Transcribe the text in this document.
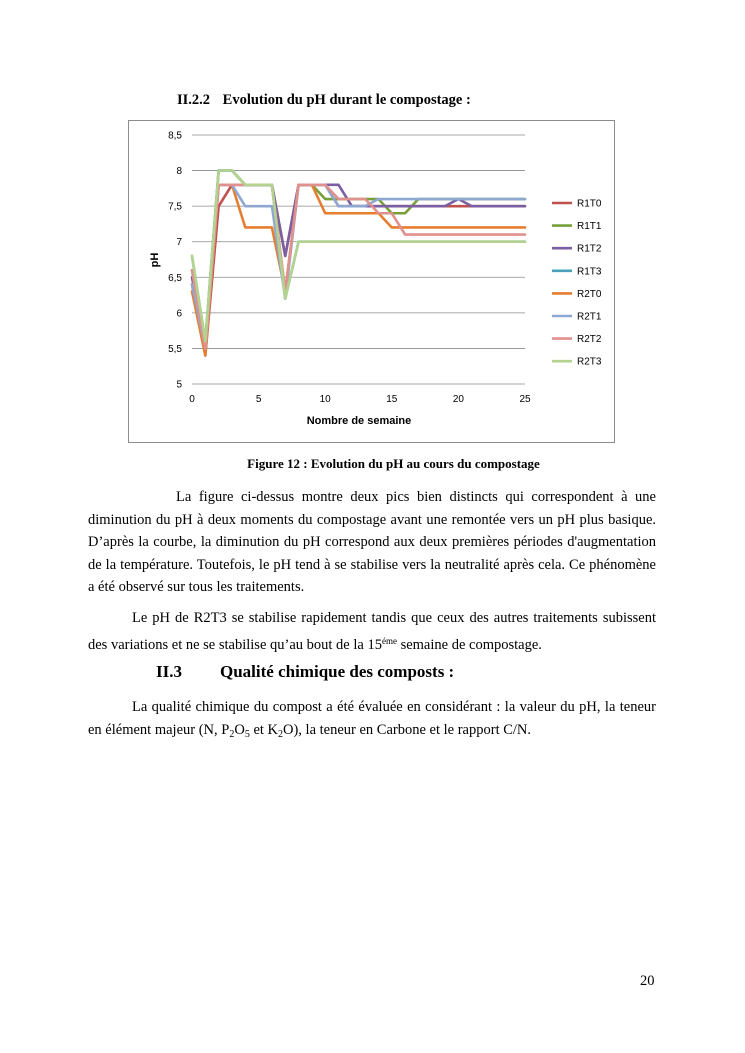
II.2.2 Evolution du pH durant le compostage :
5
5,5
6
6,5
7
7,5
8
8,5
0	5	10	15	20	25
R1T0
R1T1
R1T2
R1T3
R2T0
R2T1
R2T2
R2T3
Nombre de semaine
pH
Figure 12 : Evolution du pH au cours du compostage

La figure ci-dessus montre deux pics bien distincts qui correspondent à une diminution du pH à deux moments du compostage avant une remontée vers un pH plus basique. D’après la courbe, la diminution du pH correspond aux deux premières périodes d'augmentation de la température. Toutefois, le pH tend à se stabilise vers la neutralité après cela. Ce phénomène a été observé sur tous les traitements.

Le pH de R2T3 se stabilise rapidement tandis que ceux des autres traitements subissent des variations et ne se stabilise qu’au bout de la $15^{éme}$ semaine de compostage.

II.3 Qualité chimique des composts :

La qualité chimique du compost a été évaluée en considérant : la valeur du pH, la teneur en élément majeur (N, $P_2O_5$ et $K_2O$), la teneur en Carbone et le rapport C/N.

20
